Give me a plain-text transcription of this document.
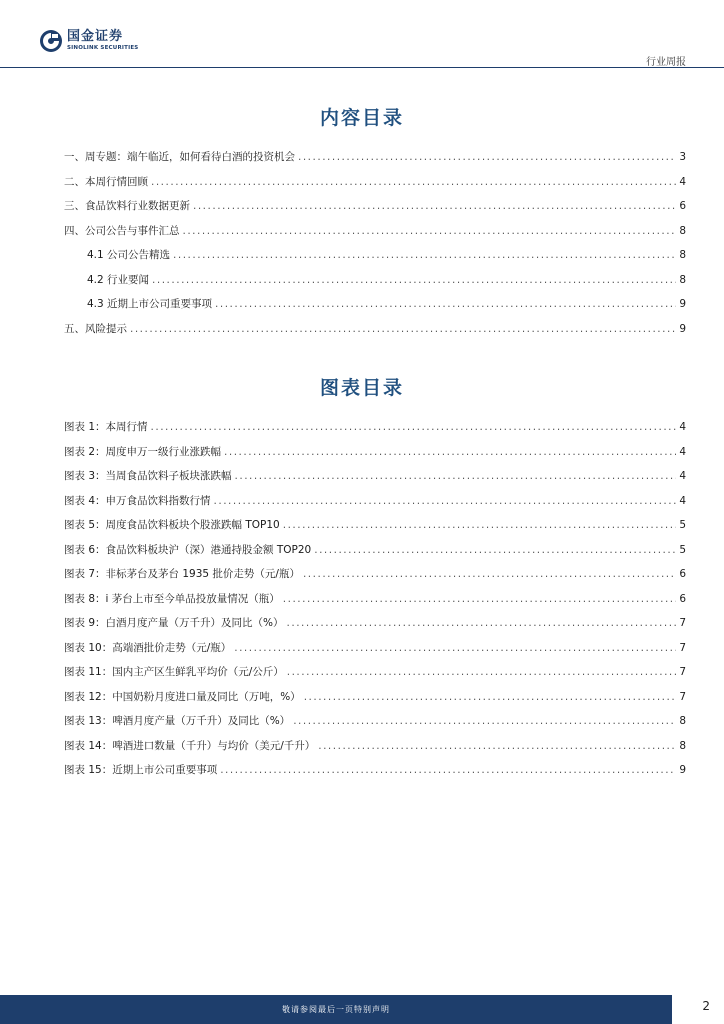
国金证券
SINOLINK SECURITIES
行业周报
内容目录
一、周专题：端午临近，如何看待白酒的投资机会 .....	3
二、本周行情回顾 .....	4
三、食品饮料行业数据更新 .....	6
四、公司公告与事件汇总 .....	8
4.1 公司公告精选 .....	8
4.2 行业要闻 .....	8
4.3 近期上市公司重要事项 .....	9
五、风险提示 .....	9
图表目录
图表 1：本周行情 .....	4
图表 2：周度申万一级行业涨跌幅 .....	4
图表 3：当周食品饮料子板块涨跌幅 .....	4
图表 4：申万食品饮料指数行情 .....	4
图表 5：周度食品饮料板块个股涨跌幅 TOP10 .....	5
图表 6：食品饮料板块沪（深）港通持股金额 TOP20 .....	5
图表 7：非标茅台及茅台 1935 批价走势（元/瓶） .....	6
图表 8：i 茅台上市至今单品投放量情况（瓶） .....	6
图表 9：白酒月度产量（万千升）及同比（%） .....	7
图表 10：高端酒批价走势（元/瓶） .....	7
图表 11：国内主产区生鲜乳平均价（元/公斤） .....	7
图表 12：中国奶粉月度进口量及同比（万吨，%） .....	7
图表 13：啤酒月度产量（万千升）及同比（%） .....	8
图表 14：啤酒进口数量（千升）与均价（美元/千升） .....	8
图表 15：近期上市公司重要事项 .....	9
敬请参阅最后一页特别声明	2
